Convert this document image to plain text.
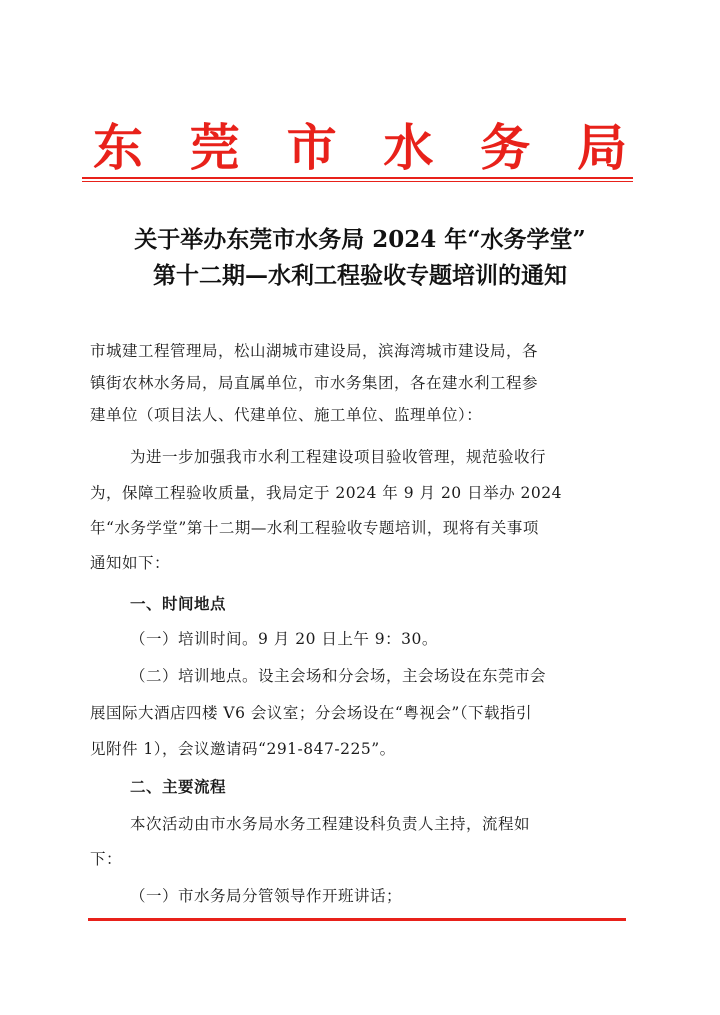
东 莞 市 水 务 局
关于举办东莞市水务局 2024 年“水务学堂”
第十二期—水利工程验收专题培训的通知
市城建工程管理局，松山湖城市建设局，滨海湾城市建设局，各
镇街农林水务局，局直属单位，市水务集团，各在建水利工程参
建单位（项目法人、代建单位、施工单位、监理单位）：
为进一步加强我市水利工程建设项目验收管理，规范验收行
为，保障工程验收质量，我局定于 2024 年 9 月 20 日举办 2024
年“水务学堂”第十二期—水利工程验收专题培训，现将有关事项
通知如下：
一、时间地点
（一）培训时间。9 月 20 日上午 9：30。
（二）培训地点。设主会场和分会场，主会场设在东莞市会
展国际大酒店四楼 V6 会议室；分会场设在“粤视会”（下载指引
见附件 1），会议邀请码“291-847-225”。
二、主要流程
本次活动由市水务局水务工程建设科负责人主持，流程如
下：
（一）市水务局分管领导作开班讲话；
